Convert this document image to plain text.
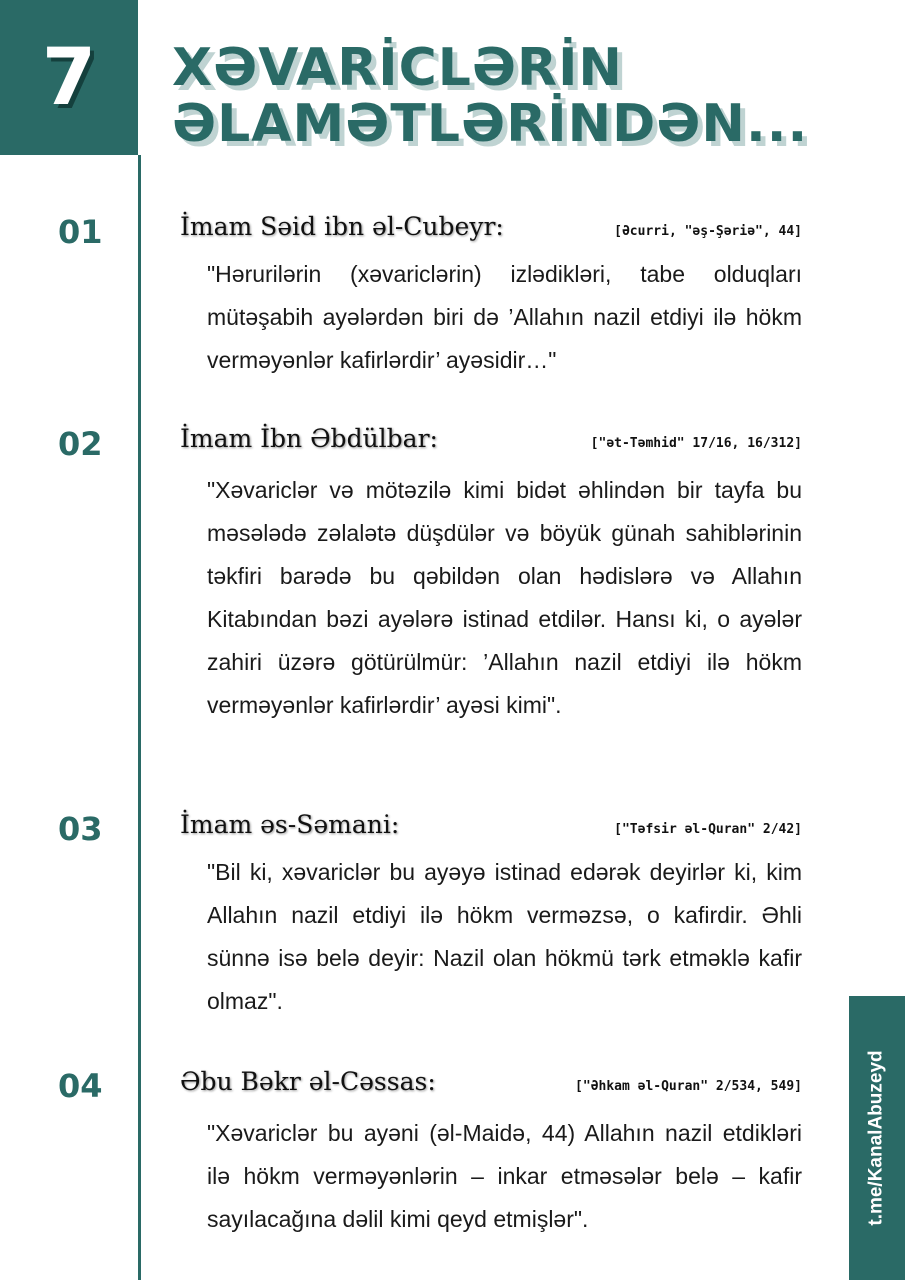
7 XƏVARİCLƏRİN
ƏLAMƏTLƏRİNDƏN...
01	İmam Səid ibn əl-Cubeyr:	[Əcurri, "əş-Şəriə", 44]

"Hərurilərin (xəvariclərin) izlədikləri, tabe olduqları mütəşabih ayələrdən biri də ’Allahın nazil etdiyi ilə hökm verməyənlər kafirlərdir’ ayəsidir…"

02	İmam İbn Əbdülbar:	["ət-Təmhid" 17/16, 16/312]

"Xəvariclər və mötəzilə kimi bidət əhlindən bir tayfa bu məsələdə zəlalətə düşdülər və böyük günah sahiblərinin təkfiri barədə bu qəbildən olan hədislərə və Allahın Kitabından bəzi ayələrə istinad etdilər. Hansı ki, o ayələr zahiri üzərə götürülmür: ’Allahın nazil etdiyi ilə hökm verməyənlər kafirlərdir’ ayəsi kimi".

03	İmam əs-Səmani:	["Təfsir əl-Quran" 2/42]

"Bil ki, xəvariclər bu ayəyə istinad edərək deyirlər ki, kim Allahın nazil etdiyi ilə hökm verməzsə, o kafirdir. Əhli sünnə isə belə deyir: Nazil olan hökmü tərk etməklə kafir olmaz".

04	Əbu Bəkr əl-Cəssas:	["Əhkam əl-Quran" 2/534, 549]

"Xəvariclər bu ayəni (əl-Maidə, 44) Allahın nazil etdikləri ilə hökm verməyənlərin – inkar etməsələr belə – kafir sayılacağına dəlil kimi qeyd etmişlər".	t.me/KanalAbuzeyd
